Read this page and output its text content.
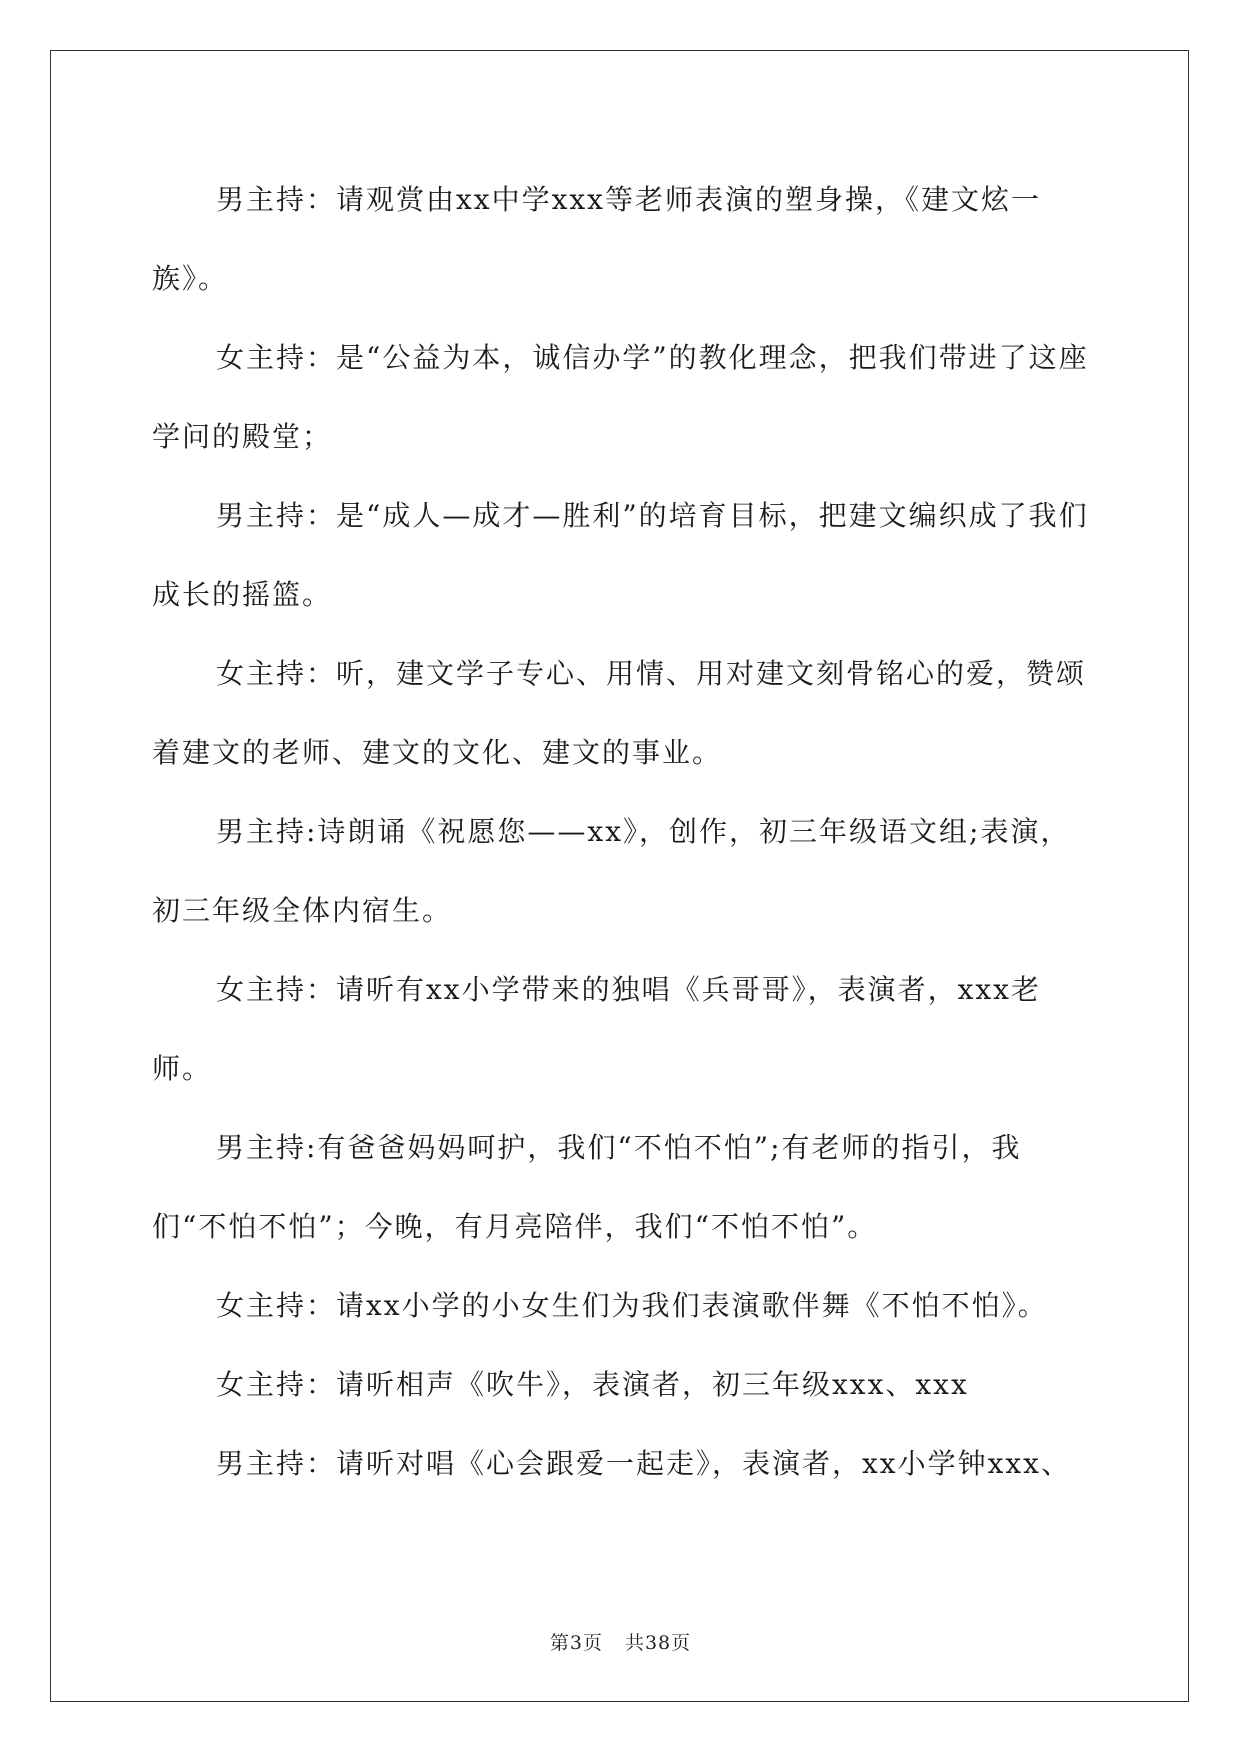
男主持：请观赏由xx中学xxx等老师表演的塑身操，《建文炫一族》。

女主持：是“公益为本，诚信办学”的教化理念，把我们带进了这座学问的殿堂；

男主持：是“成人—成才—胜利”的培育目标，把建文编织成了我们成长的摇篮。

女主持：听，建文学子专心、用情、用对建文刻骨铭心的爱，赞颂着建文的老师、建文的文化、建文的事业。

男主持:诗朗诵《祝愿您——xx》，创作，初三年级语文组;表演，初三年级全体内宿生。

女主持：请听有xx小学带来的独唱《兵哥哥》，表演者，xxx老师。

男主持:有爸爸妈妈呵护，我们“不怕不怕”;有老师的指引，我们“不怕不怕”；今晚，有月亮陪伴，我们“不怕不怕”。

女主持：请xx小学的小女生们为我们表演歌伴舞《不怕不怕》。

女主持：请听相声《吹牛》，表演者，初三年级xxx、xxx

男主持：请听对唱《心会跟爱一起走》，表演者，xx小学钟xxx、

第3页 共38页
